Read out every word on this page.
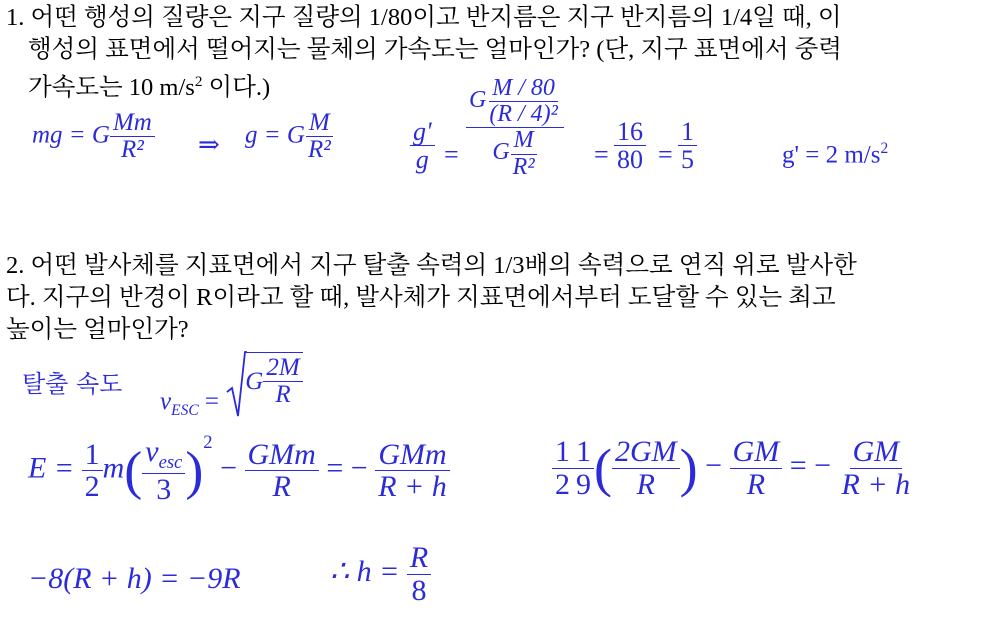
1. 어떤 행성의 질량은 지구 질량의 1/80이고 반지름은 지구 반지름의 1/4일 때, 이

행성의 표면에서 떨어지는 물체의 가속도는 얼마인가? (단, 지구 표면에서 중력

가속도는 10 $m/s^2$ 이다.)

mg = G $\frac{Mm}{\text{R²}}$ ⇒ g = G $\frac{M}{\text{R²}}$	$\frac{g'}{g} = \frac{G \frac{M / 80}{\text{(R / 4)²}}}{G \frac{M}{\text{R²}}} = \frac{16}{80} = \frac{1}{5}$	g' = 2 $m/s^2$

2. 어떤 발사체를 지표면에서 지구 탈출 속력의 1/3배의 속력으로 연직 위로 발사한

다. 지구의 반경이 R이라고 할 때, 발사체가 지표면에서부터 도달할 수 있는 최고

높이는 얼마인가?

탈출 속도
$v_{ESC} = G \frac{2M}{R}$
$E = \frac{1}{2} m( \frac{v_{esc}}{3} )^2 - \frac{\text{GMm}}{R}$ = − $\frac{\text{GMm}}{R + h}$	$\frac{1}{2} \frac{1}{9}$ ( $\frac{2GM}{R}$ ) − $\frac{GM}{R}$ = − $\frac{GM}{R + h}$
−8(R + h) = −9R	∴ $h = \frac{R}{8}$
